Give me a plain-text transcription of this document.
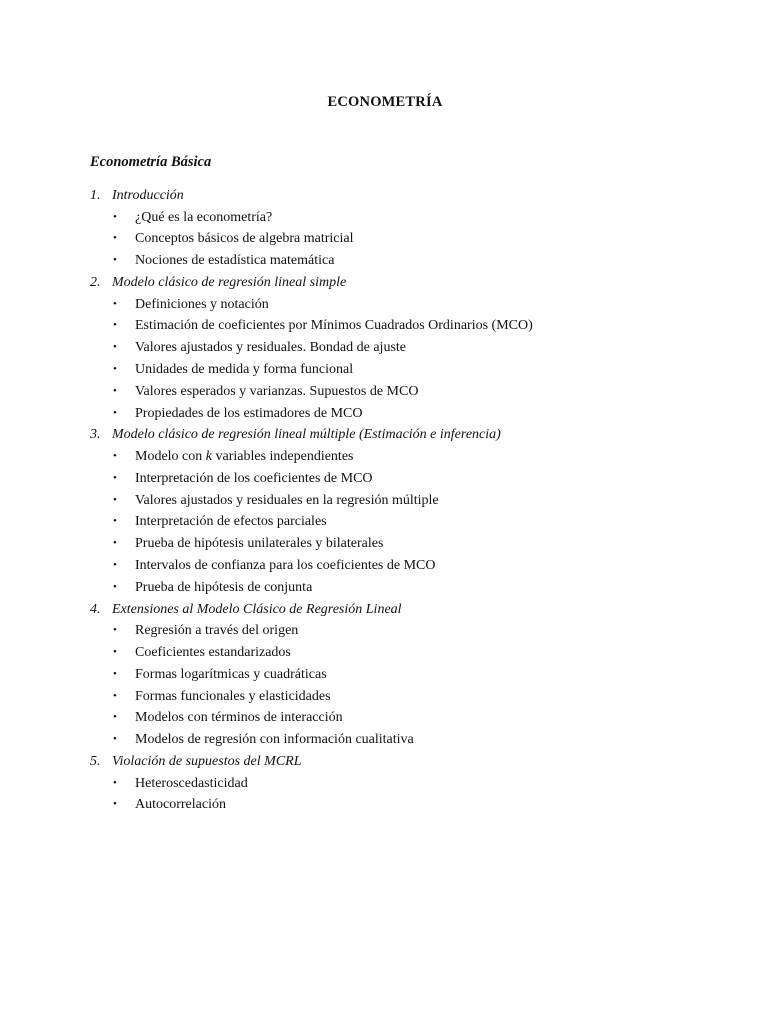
ECONOMETRÍA
Econometría Básica
1. Introducción
• ¿Qué es la econometría?
• Conceptos básicos de algebra matricial
• Nociones de estadística matemática
2. Modelo clásico de regresión lineal simple
• Definiciones y notación
• Estimación de coeficientes por Mínimos Cuadrados Ordinarios (MCO)
• Valores ajustados y residuales. Bondad de ajuste
• Unidades de medida y forma funcional
• Valores esperados y varianzas. Supuestos de MCO
• Propiedades de los estimadores de MCO
3. Modelo clásico de regresión lineal múltiple (Estimación e inferencia)
• Modelo con k variables independientes
• Interpretación de los coeficientes de MCO
• Valores ajustados y residuales en la regresión múltiple
• Interpretación de efectos parciales
• Prueba de hipótesis unilaterales y bilaterales
• Intervalos de confianza para los coeficientes de MCO
• Prueba de hipótesis de conjunta
4. Extensiones al Modelo Clásico de Regresión Lineal
• Regresión a través del origen
• Coeficientes estandarizados
• Formas logarítmicas y cuadráticas
• Formas funcionales y elasticidades
• Modelos con términos de interacción
• Modelos de regresión con información cualitativa
5. Violación de supuestos del MCRL
• Heteroscedasticidad
• Autocorrelación
